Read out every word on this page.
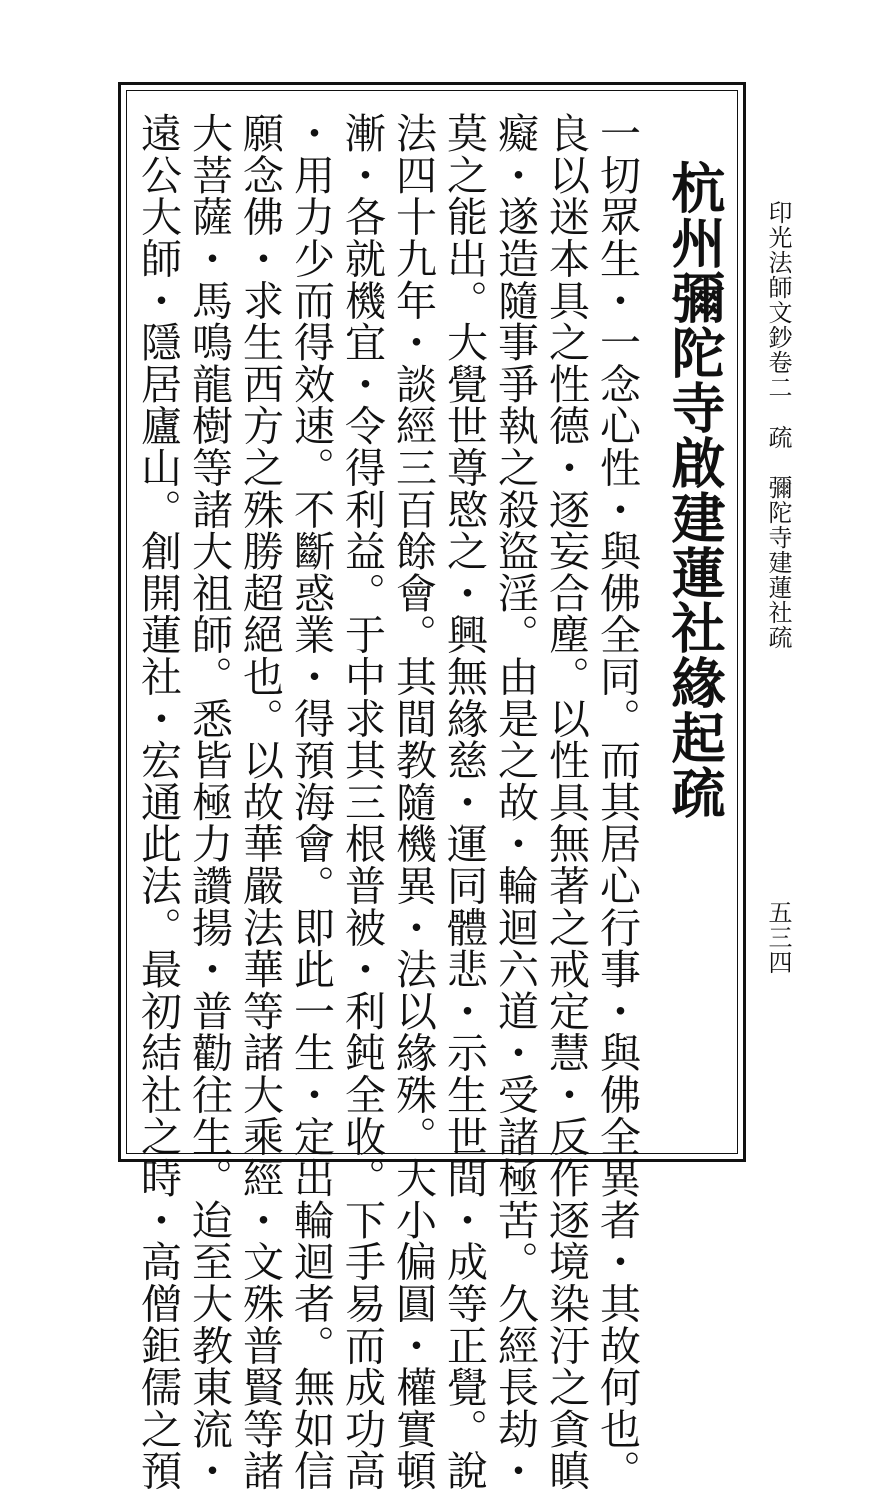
印光法師文鈔卷二　疏　彌陀寺建蓮社疏
五三四
杭州彌陀寺啟建蓮社緣起疏
一切眾生・一念心性・與佛全同。而其居心行事・與佛全異者・其故何也。
良以迷本具之性德・逐妄合塵。以性具無著之戒定慧・反作逐境染汙之貪瞋
癡・遂造隨事爭執之殺盜淫。由是之故・輪迴六道・受諸極苦。久經長劫・
莫之能出。大覺世尊愍之・興無緣慈・運同體悲・示生世間・成等正覺。說
法四十九年・談經三百餘會。其間教隨機異・法以緣殊。大小偏圓・權實頓
漸・各就機宜・令得利益。于中求其三根普被・利鈍全收。下手易而成功高
・用力少而得效速。不斷惑業・得預海會。即此一生・定出輪迴者。無如信
願念佛・求生西方之殊勝超絕也。以故華嚴法華等諸大乘經・文殊普賢等諸
大菩薩・馬鳴龍樹等諸大祖師。悉皆極力讚揚・普勸往生。迨至大教東流・
遠公大師・隱居廬山。創開蓮社・宏通此法。最初結社之時・高僧鉅儒之預
